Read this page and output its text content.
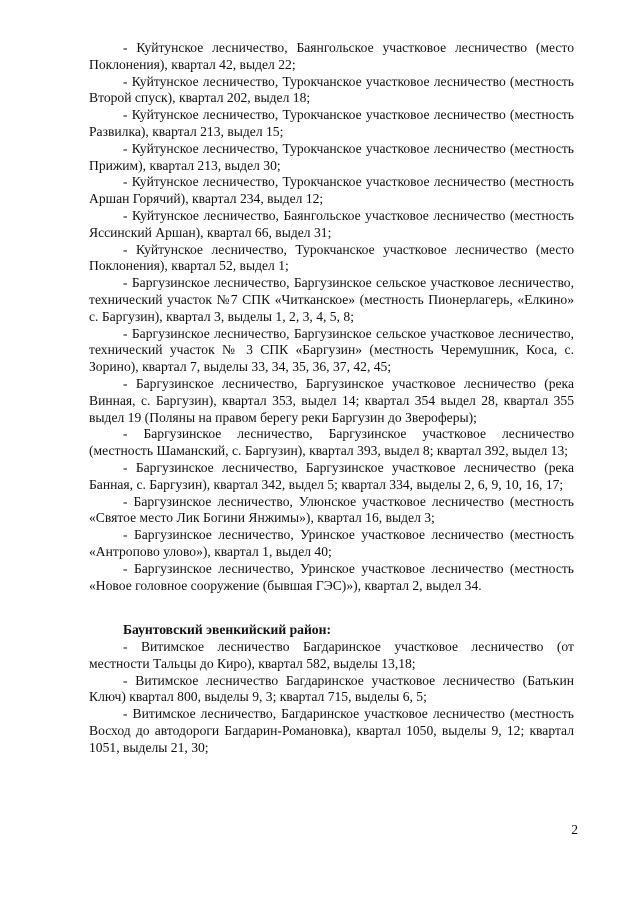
- Куйтунское лесничество, Баянгольское участковое лесничество (место Поклонения), квартал 42, выдел 22;

- Куйтунское лесничество, Турокчанское участковое лесничество (местность Второй спуск), квартал 202, выдел 18;

- Куйтунское лесничество, Турокчанское участковое лесничество (местность Развилка), квартал 213, выдел 15;

- Куйтунское лесничество, Турокчанское участковое лесничество (местность Прижим), квартал 213, выдел 30;

- Куйтунское лесничество, Турокчанское участковое лесничество (местность Аршан Горячий), квартал 234, выдел 12;

- Куйтунское лесничество, Баянгольское участковое лесничество (местность Яссинский Аршан), квартал 66, выдел 31;

- Куйтунское лесничество, Турокчанское участковое лесничество (место Поклонения), квартал 52, выдел 1;

- Баргузинское лесничество, Баргузинское сельское участковое лесничество, технический участок №7 СПК «Читканское» (местность Пионерлагерь, «Елкино» с. Баргузин), квартал 3, выделы 1, 2, 3, 4, 5, 8;

- Баргузинское лесничество, Баргузинское сельское участковое лесничество, технический участок № 3 СПК «Баргузин» (местность Черемушник, Коса, с. Зорино), квартал 7, выделы 33, 34, 35, 36, 37, 42, 45;

- Баргузинское лесничество, Баргузинское участковое лесничество (река Винная, с. Баргузин), квартал 353, выдел 14; квартал 354 выдел 28, квартал 355 выдел 19 (Поляны на правом берегу реки Баргузин до Звероферы);

- Баргузинское лесничество, Баргузинское участковое лесничество (местность Шаманский, с. Баргузин), квартал 393, выдел 8; квартал 392, выдел 13;

- Баргузинское лесничество, Баргузинское участковое лесничество (река Банная, с. Баргузин), квартал 342, выдел 5; квартал 334, выделы 2, 6, 9, 10, 16, 17;

- Баргузинское лесничество, Улюнское участковое лесничество (местность «Святое место Лик Богини Янжимы»), квартал 16, выдел 3;

- Баргузинское лесничество, Уринское участковое лесничество (местность «Антропово улово»), квартал 1, выдел 40;

- Баргузинское лесничество, Уринское участковое лесничество (местность «Новое головное сооружение (бывшая ГЭС)»), квартал 2, выдел 34.

Баунтовский эвенкийский район:

- Витимское лесничество Багдаринское участковое лесничество (от местности Тальцы до Киро), квартал 582, выделы 13,18;

- Витимское лесничество Багдаринское участковое лесничество (Батькин Ключ) квартал 800, выделы 9, 3; квартал 715, выделы 6, 5;

- Витимское лесничество, Багдаринское участковое лесничество (местность Восход до автодороги Багдарин-Романовка), квартал 1050, выделы 9, 12; квартал 1051, выделы 21, 30;

2
